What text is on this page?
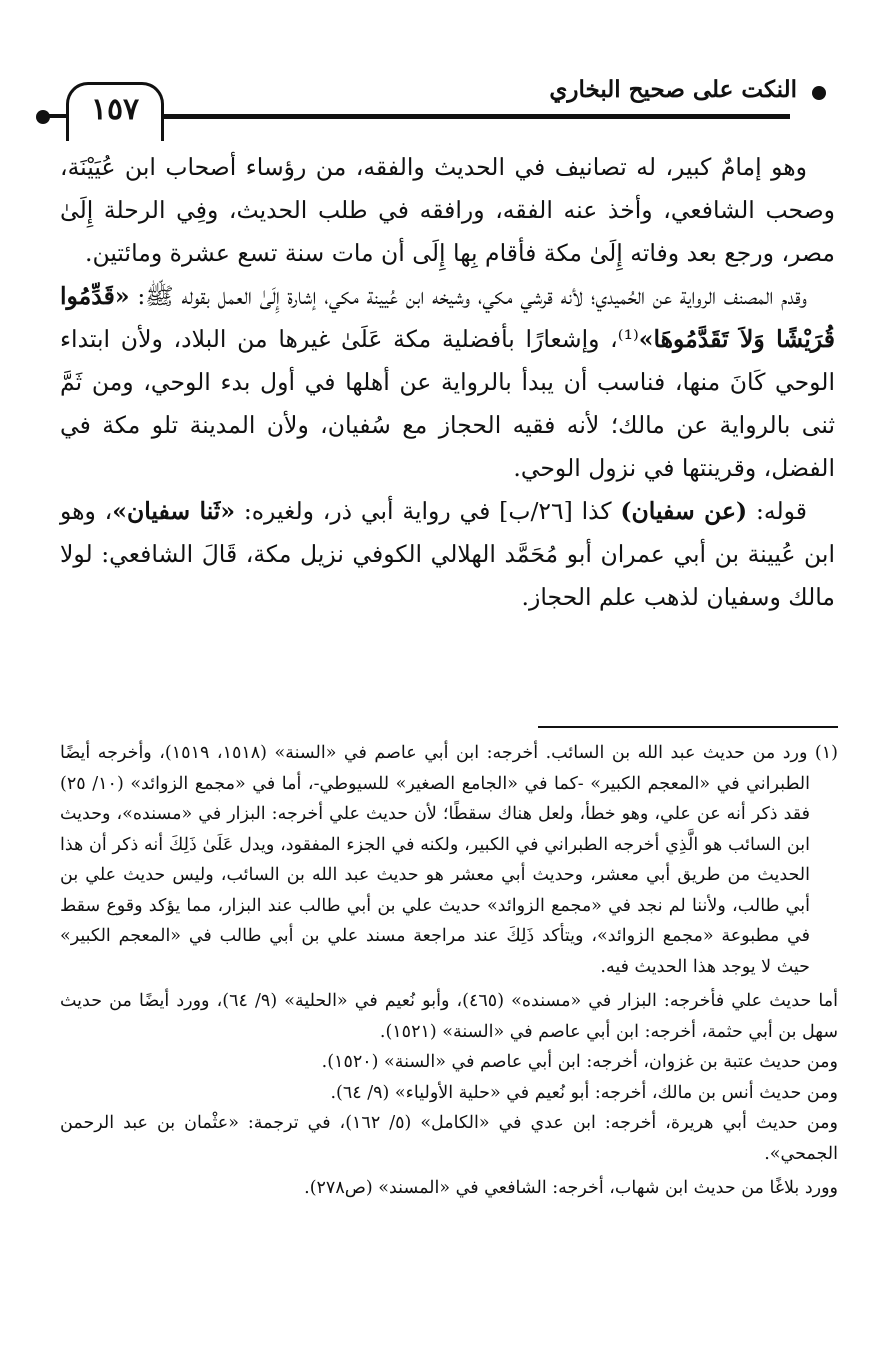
النكت على صحيح البخاري
١٥٧

وهو إمامٌ كبير، له تصانيف في الحديث والفقه، من رؤساء أصحاب ابن عُيَيْنَة، وصحب الشافعي، وأخذ عنه الفقه، ورافقه في طلب الحديث، وفِي الرحلة إِلَىٰ مصر، ورجع بعد وفاته إِلَىٰ مكة فأقام بِها إِلَى أن مات سنة تسع عشرة ومائتين.

وقدم المصنف الرواية عن الحُميدي؛ لأنه قرشي مكي، وشيخه ابن عُيينة مكي، إشارة إِلَىٰ العمل بقوله ﷺ: «قَدِّمُوا قُرَيْشًا وَلاَ تَقَدَّمُوهَا»⁽¹⁾، وإشعارًا بأفضلية مكة عَلَىٰ غيرها من البلاد، ولأن ابتداء الوحي كَانَ منها، فناسب أن يبدأ بالرواية عن أهلها في أول بدء الوحي، ومن ثَمَّ ثنى بالرواية عن مالك؛ لأنه فقيه الحجاز مع سُفيان، ولأن المدينة تلو مكة في الفضل، وقرينتها في نزول الوحي.

قوله: (عن سفيان) كذا [٢٦/ب] في رواية أبي ذر، ولغيره: «ثَنا سفيان»، وهو ابن عُيينة بن أبي عمران أبو مُحَمَّد الهلالي الكوفي نزيل مكة، قَالَ الشافعي: لولا مالك وسفيان لذهب علم الحجاز.

(١) ورد من حديث عبد الله بن السائب. أخرجه: ابن أبي عاصم في «السنة» (١٥١٨، ١٥١٩)، وأخرجه أيضًا الطبراني في «المعجم الكبير» -كما في «الجامع الصغير» للسيوطي-، أما في «مجمع الزوائد» (١٠/ ٢٥) فقد ذكر أنه عن علي، وهو خطأ، ولعل هناك سقطًا؛ لأن حديث علي أخرجه: البزار في «مسنده»، وحديث ابن السائب هو الَّذِي أخرجه الطبراني في الكبير، ولكنه في الجزء المفقود، ويدل عَلَىٰ ذَلِكَ أنه ذكر أن هذا الحديث من طريق أبي معشر، وحديث أبي معشر هو حديث عبد الله بن السائب، وليس حديث علي بن أبي طالب، ولأننا لم نجد في «مجمع الزوائد» حديث علي بن أبي طالب عند البزار، مما يؤكد وقوع سقط في مطبوعة «مجمع الزوائد»، ويتأكد ذَلِكَ عند مراجعة مسند علي بن أبي طالب في «المعجم الكبير» حيث لا يوجد هذا الحديث فيه.

أما حديث علي فأخرجه: البزار في «مسنده» (٤٦٥)، وأبو نُعيم في «الحلية» (٩/ ٦٤)، وورد أيضًا من حديث سهل بن أبي حثمة، أخرجه: ابن أبي عاصم في «السنة» (١٥٢١).

ومن حديث عتبة بن غزوان، أخرجه: ابن أبي عاصم في «السنة» (١٥٢٠).

ومن حديث أنس بن مالك، أخرجه: أبو نُعيم في «حلية الأولياء» (٩/ ٦٤).

ومن حديث أبي هريرة، أخرجه: ابن عدي في «الكامل» (٥/ ١٦٢)، في ترجمة: «عثْمان بن عبد الرحمن الجمحي».

وورد بلاغًا من حديث ابن شهاب، أخرجه: الشافعي في «المسند» (ص٢٧٨).
